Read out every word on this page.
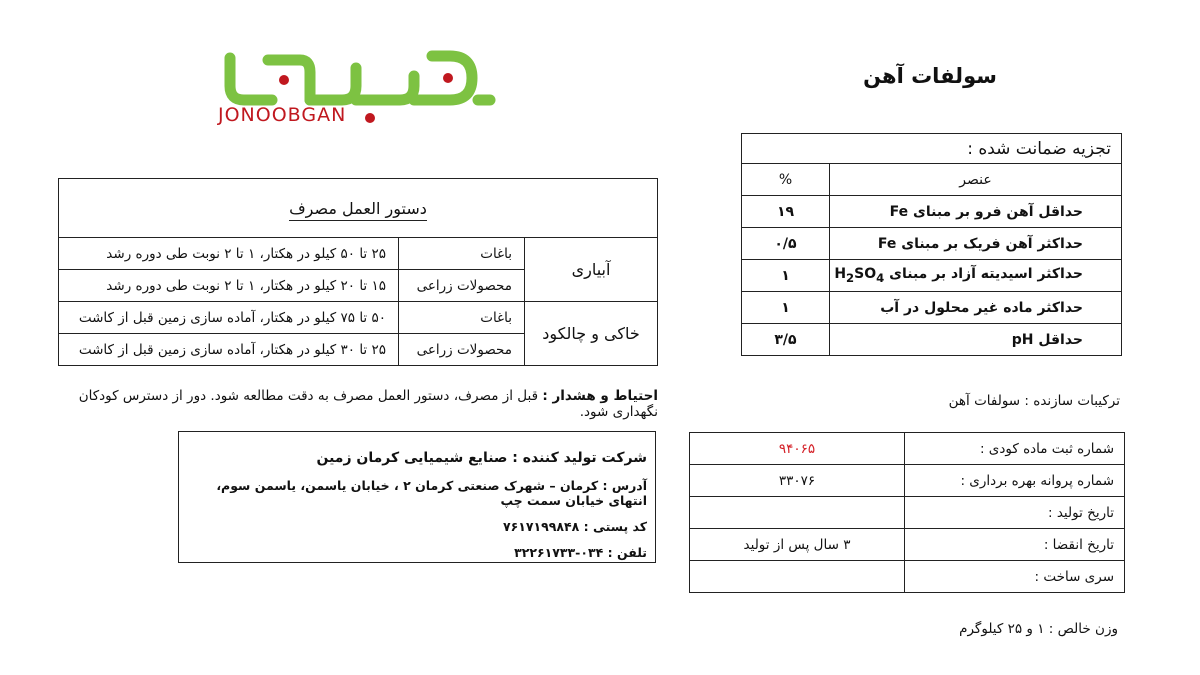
JONOOBGAN
سولفات آهن
تجزیه ضمانت شده :	
عنصر	%
حداقل آهن فرو بر مبنای Fe	۱۹
حداکثر آهن فریک بر مبنای Fe	۰/۵
حداکثر اسیدیته آزاد بر مبنای $H_2SO_4$	۱
حداکثر ماده غیر محلول در آب	۱
حداقل pH	۳/۵
دستور العمل مصرف		
آبیاری	باغات	۲۵ تا ۵۰ کیلو در هکتار، ۱ تا ۲ نوبت طی دوره رشد
	محصولات زراعی	۱۵ تا ۲۰ کیلو در هکتار، ۱ تا ۲ نوبت طی دوره رشد
خاکی و چالکود	باغات	۵۰ تا ۷۵ کیلو در هکتار، آماده سازی زمین قبل از کاشت
	محصولات زراعی	۲۵ تا ۳۰ کیلو در هکتار، آماده سازی زمین قبل از کاشت
احتیاط و هشدار : قبل از مصرف، دستور العمل مصرف به دقت مطالعه شود. دور از دسترس کودکان نگهداری شود.
ترکیبات سازنده : سولفات آهن
شرکت تولید کننده : صنایع شیمیایی کرمان زمین
آدرس : کرمان – شهرک صنعتی کرمان ۲ ، خیابان یاسمن، یاسمن سوم، انتهای خیابان سمت چپ
کد پستی : ۷۶۱۷۱۹۹۸۴۸
تلفن : ۰۳۴-۳۲۲۶۱۷۳۳
شماره ثبت ماده کودی :	۹۴۰۶۵
شماره پروانه بهره برداری :	۳۳۰۷۶
تاریخ تولید :	
تاریخ انقضا :	۳ سال پس از تولید
سری ساخت :	
وزن خالص : ۱ و ۲۵ کیلوگرم
